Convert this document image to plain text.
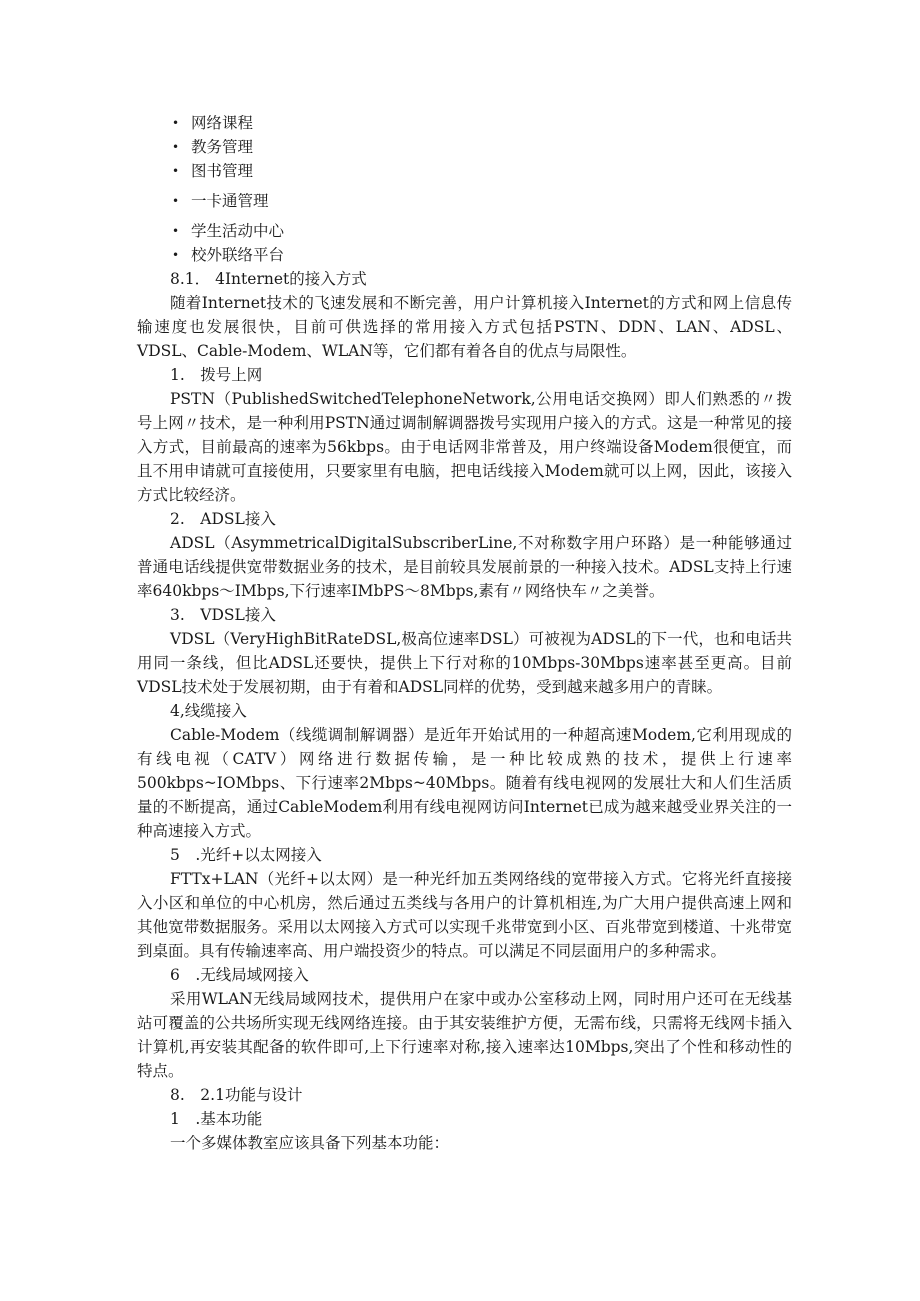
• 网络课程
• 教务管理
• 图书管理
• 一卡通管理
• 学生活动中心
• 校外联络平台

8.1． 4Internet的接入方式

随着Internet技术的飞速发展和不断完善，用户计算机接入Internet的方式和网上信息传输速度也发展很快，目前可供选择的常用接入方式包括PSTN、DDN、LAN、ADSL、VDSL、Cable-Modem、WLAN等，它们都有着各自的优点与局限性。

1.　拨号上网

PSTN（PublishedSwitchedTelephoneNetwork,公用电话交换网）即人们熟悉的〃拨号上网〃技术，是一种利用PSTN通过调制解调器拨号实现用户接入的方式。这是一种常见的接入方式，目前最高的速率为56kbps。由于电话网非常普及，用户终端设备Modem很便宜，而且不用申请就可直接使用，只要家里有电脑，把电话线接入Modem就可以上网，因此，该接入方式比较经济。

2.　ADSL接入

ADSL（AsymmetricalDigitalSubscriberLine,不对称数字用户环路）是一种能够通过普通电话线提供宽带数据业务的技术，是目前较具发展前景的一种接入技术。ADSL支持上行速率640kbps～IMbps,下行速率IMbPS～8Mbps,素有〃网络快车〃之美誉。

3.　VDSL接入

VDSL（VeryHighBitRateDSL,极高位速率DSL）可被视为ADSL的下一代，也和电话共用同一条线，但比ADSL还要快，提供上下行对称的10Mbps-30Mbps速率甚至更高。目前VDSL技术处于发展初期，由于有着和ADSL同样的优势，受到越来越多用户的青睐。

4,线缆接入

Cable-Modem（线缆调制解调器）是近年开始试用的一种超高速Modem,它利用现成的有线电视（CATV）网络进行数据传输，是一种比较成熟的技术，提供上行速率500kbps~IOMbps、下行速率2Mbps~40Mbps。随着有线电视网的发展壮大和人们生活质量的不断提高，通过CableModem利用有线电视网访问Internet已成为越来越受业界关注的一种高速接入方式。

5　.光纤+以太网接入

FTTx+LAN（光纤+以太网）是一种光纤加五类网络线的宽带接入方式。它将光纤直接接入小区和单位的中心机房，然后通过五类线与各用户的计算机相连,为广大用户提供高速上网和其他宽带数据服务。采用以太网接入方式可以实现千兆带宽到小区、百兆带宽到楼道、十兆带宽到桌面。具有传输速率高、用户端投资少的特点。可以满足不同层面用户的多种需求。

6　.无线局域网接入

采用WLAN无线局域网技术，提供用户在家中或办公室移动上网，同时用户还可在无线基站可覆盖的公共场所实现无线网络连接。由于其安装维护方便，无需布线，只需将无线网卡插入计算机,再安装其配备的软件即可,上下行速率对称,接入速率达10Mbps,突出了个性和移动性的特点。

8.　2.1功能与设计

1　.基本功能

一个多媒体教室应该具备下列基本功能：
